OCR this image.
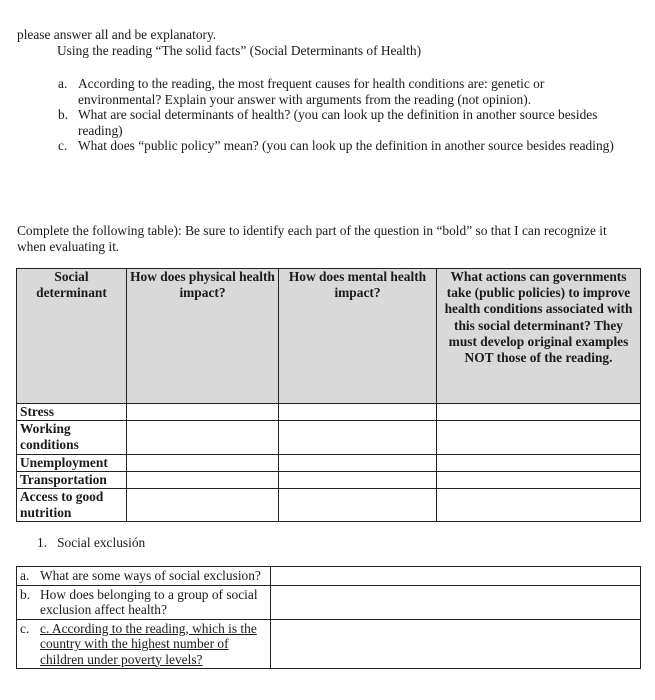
please answer all and be explanatory.
Using the reading “The solid facts” (Social Determinants of Health)
a. According to the reading, the most frequent causes for health conditions are: genetic or environmental? Explain your answer with arguments from the reading (not opinion).
b. What are social determinants of health? (you can look up the definition in another source besides reading)
c. What does “public policy” mean? (you can look up the definition in another source besides reading)
Complete the following table): Be sure to identify each part of the question in “bold” so that I can recognize it when evaluating it.
Social determinant	How does physical health impact?	How does mental health impact?	What actions can governments take (public policies) to improve health conditions associated with this social determinant? They must develop original examples NOT those of the reading.
Stress			
Working conditions			
Unemployment			
Transportation			
Access to good nutrition			
1. Social exclusión
a. What are some ways of social exclusion?	

b. How does belonging to a group of social exclusion affect health?	

c. c. According to the reading, which is the country with the highest number of children under poverty levels?	
